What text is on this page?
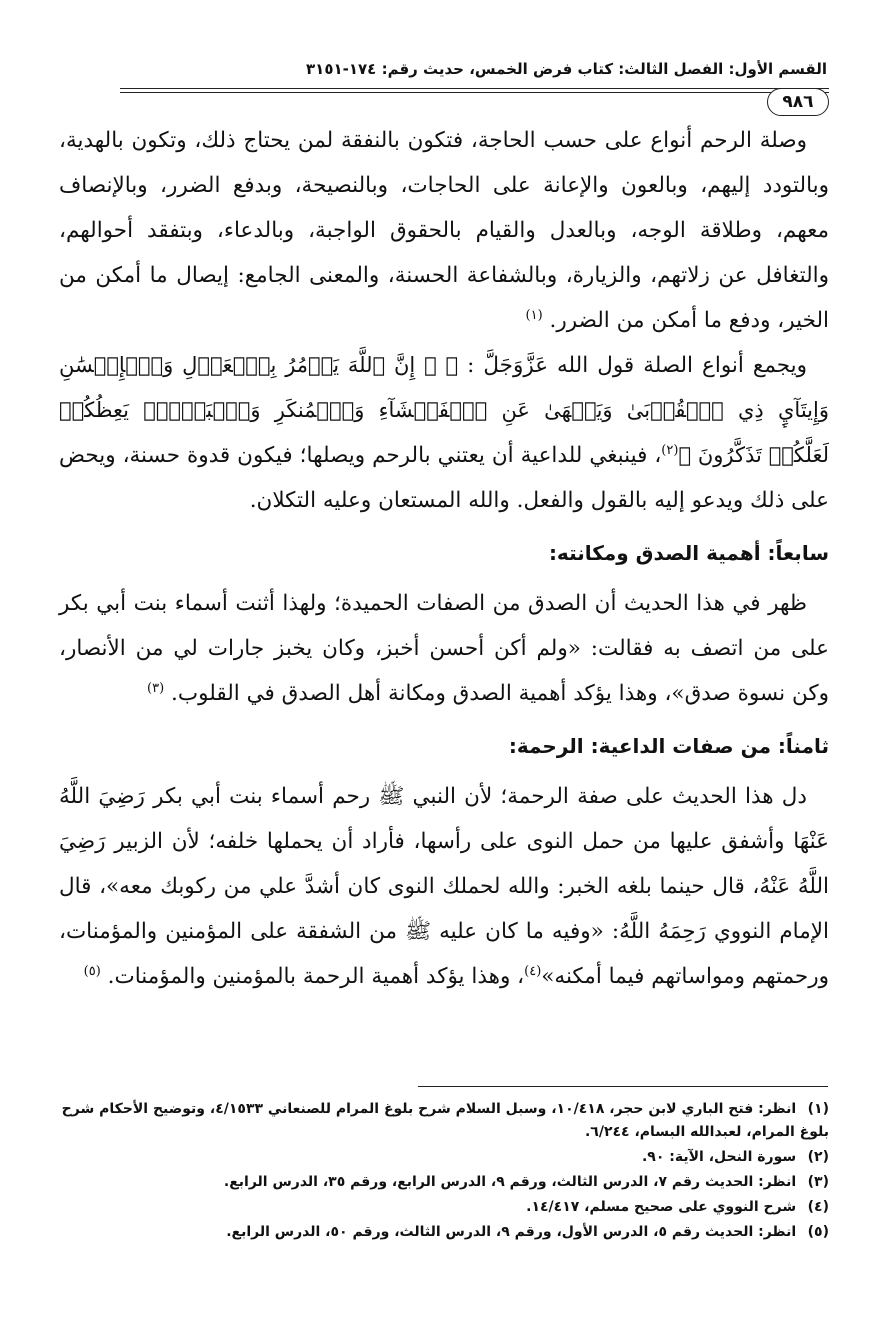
القسم الأول: الفصل الثالث: كتاب فرض الخمس، حديث رقم: ١٧٤-٣١٥١
٩٨٦

وصلة الرحم أنواع على حسب الحاجة، فتكون بالنفقة لمن يحتاج ذلك، وتكون بالهدية، وبالتودد إليهم، وبالعون والإعانة على الحاجات، وبالنصيحة، وبدفع الضرر، وبالإنصاف معهم، وطلاقة الوجه، وبالعدل والقيام بالحقوق الواجبة، وبالدعاء، وبتفقد أحوالهم، والتغافل عن زلاتهم، والزيارة، وبالشفاعة الحسنة، والمعنى الجامع: إيصال ما أمكن من الخير، ودفع ما أمكن من الضرر. $^{(١)}$

ويجمع أنواع الصلة قول الله عَزَّوَجَلَّ : ﴿ ۞ إِنَّ ٱللَّهَ يَأۡمُرُ بِٱلۡعَدۡلِ وَٱلۡإِحۡسَٰنِ وَإِيتَآيِٕ ذِي ٱلۡقُرۡبَىٰ وَيَنۡهَىٰ عَنِ ٱلۡفَحۡشَآءِ وَٱلۡمُنكَرِ وَٱلۡبَغۡيِۚ يَعِظُكُمۡ لَعَلَّكُمۡ تَذَكَّرُونَ ﴾$^{(٢)}$، فينبغي للداعية أن يعتني بالرحم ويصلها؛ فيكون قدوة حسنة، ويحض على ذلك ويدعو إليه بالقول والفعل. والله المستعان وعليه التكلان.

سابعاً: أهمية الصدق ومكانته:

ظهر في هذا الحديث أن الصدق من الصفات الحميدة؛ ولهذا أثنت أسماء بنت أبي بكر على من اتصف به فقالت: «ولم أكن أحسن أخبز، وكان يخبز جارات لي من الأنصار، وكن نسوة صدق»، وهذا يؤكد أهمية الصدق ومكانة أهل الصدق في القلوب. $^{(٣)}$

ثامناً: من صفات الداعية: الرحمة:

دل هذا الحديث على صفة الرحمة؛ لأن النبي ﷺ رحم أسماء بنت أبي بكر رَضِيَ اللَّهُ عَنْهَا وأشفق عليها من حمل النوى على رأسها، فأراد أن يحملها خلفه؛ لأن الزبير رَضِيَ اللَّهُ عَنْهُ، قال حينما بلغه الخبر: والله لحملك النوى كان أشدَّ علي من ركوبك معه»، قال الإمام النووي رَحِمَهُ اللَّهُ: «وفيه ما كان عليه ﷺ من الشفقة على المؤمنين والمؤمنات، ورحمتهم ومواساتهم فيما أمكنه»$^{(٤)}$، وهذا يؤكد أهمية الرحمة بالمؤمنين والمؤمنات. $^{(٥)}$

(١) انظر: فتح الباري لابن حجر، ١٠/٤١٨، وسبل السلام شرح بلوغ المرام للصنعاني ٤/١٥٣٣، وتوضيح الأحكام شرح بلوغ المرام، لعبدالله البسام، ٦/٢٤٤.

(٢) سورة النحل، الآية: ٩٠.

(٣) انظر: الحديث رقم ٧، الدرس الثالث، ورقم ٩، الدرس الرابع، ورقم ٣٥، الدرس الرابع.

(٤) شرح النووي على صحيح مسلم، ١٤/٤١٧.

(٥) انظر: الحديث رقم ٥، الدرس الأول، ورقم ٩، الدرس الثالث، ورقم ٥٠، الدرس الرابع.
